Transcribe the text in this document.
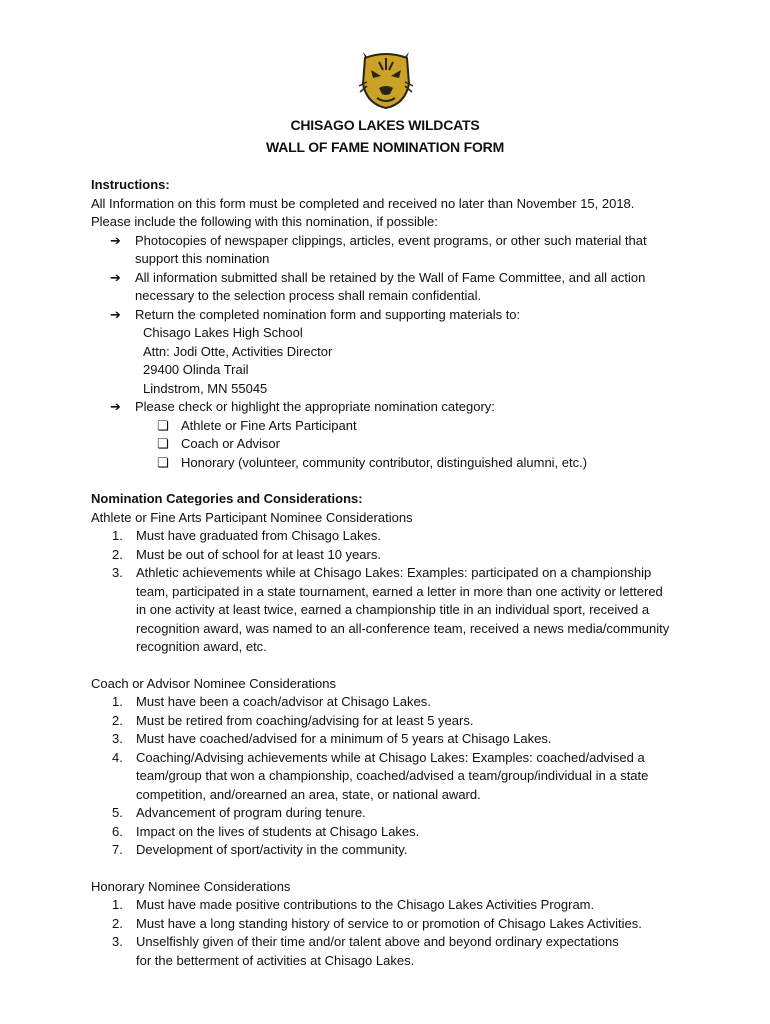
CHISAGO LAKES WILDCATS
WALL OF FAME NOMINATION FORM
Instructions:
All Information on this form must be completed and received no later than November 15, 2018.
Please include the following with this nomination, if possible:
➔	Photocopies of newspaper clippings, articles, event programs, or other such material that
support this nomination
➔	All information submitted shall be retained by the Wall of Fame Committee, and all action
necessary to the selection process shall remain confidential.
➔	Return the completed nomination form and supporting materials to:
Chisago Lakes High School
Attn: Jodi Otte, Activities Director
29400 Olinda Trail
Lindstrom, MN 55045
➔	Please check or highlight the appropriate nomination category:
❏ Athlete or Fine Arts Participant
❏ Coach or Advisor
❏ Honorary (volunteer, community contributor, distinguished alumni, etc.)
Nomination Categories and Considerations:
Athlete or Fine Arts Participant Nominee Considerations
1. Must have graduated from Chisago Lakes.
2. Must be out of school for at least 10 years.
3. Athletic achievements while at Chisago Lakes: Examples: participated on a championship
team, participated in a state tournament, earned a letter in more than one activity or lettered
in one activity at least twice, earned a championship title in an individual sport, received a
recognition award, was named to an all-conference team, received a news media/community
recognition award, etc.
Coach or Advisor Nominee Considerations
1. Must have been a coach/advisor at Chisago Lakes.
2. Must be retired from coaching/advising for at least 5 years.
3. Must have coached/advised for a minimum of 5 years at Chisago Lakes.
4. Coaching/Advising achievements while at Chisago Lakes: Examples: coached/advised a
team/group that won a championship, coached/advised a team/group/individual in a state
competition, and/orearned an area, state, or national award.
5. Advancement of program during tenure.
6. Impact on the lives of students at Chisago Lakes.
7. Development of sport/activity in the community.
Honorary Nominee Considerations
1. Must have made positive contributions to the Chisago Lakes Activities Program.
2. Must have a long standing history of service to or promotion of Chisago Lakes Activities.
3. Unselfishly given of their time and/or talent above and beyond ordinary expectations
for the betterment of activities at Chisago Lakes.
